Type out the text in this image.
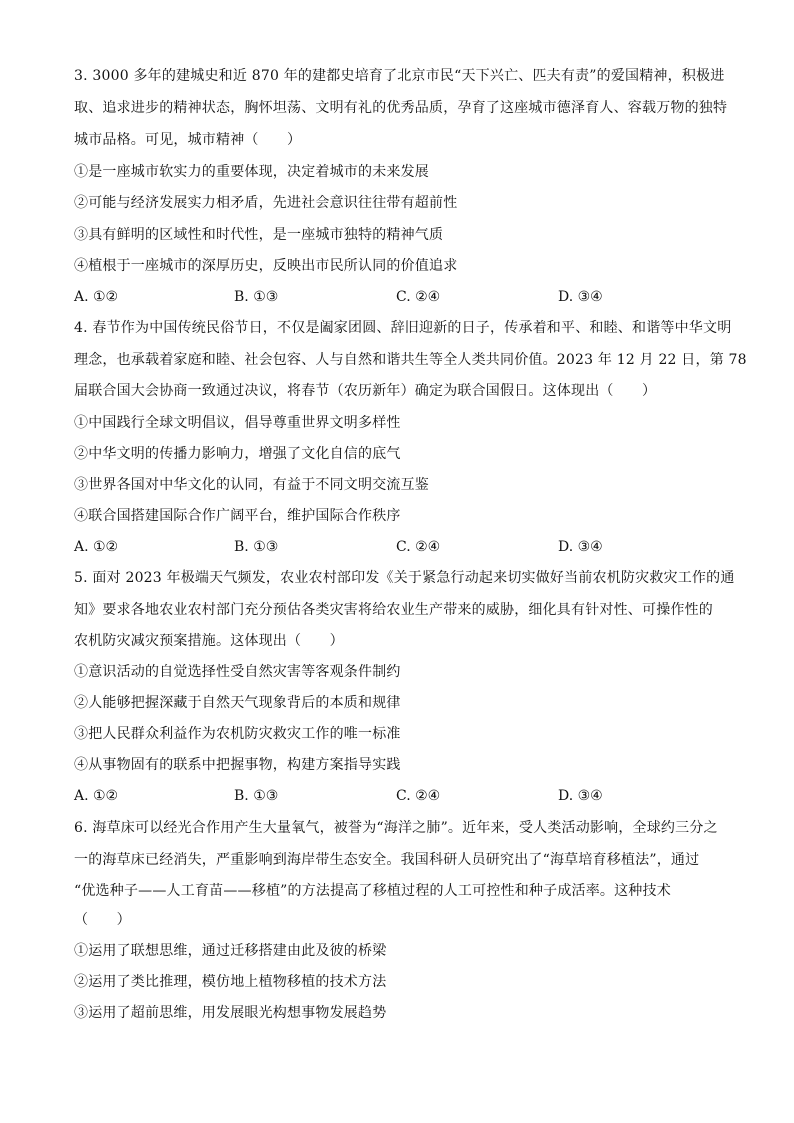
3. 3000 多年的建城史和近 870 年的建都史培育了北京市民“天下兴亡、匹夫有责”的爱国精神，积极进
取、追求进步的精神状态，胸怀坦荡、文明有礼的优秀品质，孕育了这座城市德泽育人、容载万物的独特
城市品格。可见，城市精神（　　）
①是一座城市软实力的重要体现，决定着城市的未来发展
②可能与经济发展实力相矛盾，先进社会意识往往带有超前性
③具有鲜明的区域性和时代性，是一座城市独特的精神气质
④植根于一座城市的深厚历史，反映出市民所认同的价值追求
A. ①②	B. ①③	C. ②④	D. ③④
4. 春节作为中国传统民俗节日，不仅是阖家团圆、辞旧迎新的日子，传承着和平、和睦、和谐等中华文明
理念，也承载着家庭和睦、社会包容、人与自然和谐共生等全人类共同价值。2023 年 12 月 22 日，第 78
届联合国大会协商一致通过决议，将春节（农历新年）确定为联合国假日。这体现出（　　）
①中国践行全球文明倡议，倡导尊重世界文明多样性
②中华文明的传播力影响力，增强了文化自信的底气
③世界各国对中华文化的认同，有益于不同文明交流互鉴
④联合国搭建国际合作广阔平台，维护国际合作秩序
A. ①②	B. ①③	C. ②④	D. ③④
5. 面对 2023 年极端天气频发，农业农村部印发《关于紧急行动起来切实做好当前农机防灾救灾工作的通
知》要求各地农业农村部门充分预估各类灾害将给农业生产带来的威胁，细化具有针对性、可操作性的
农机防灾减灾预案措施。这体现出（　　）
①意识活动的自觉选择性受自然灾害等客观条件制约
②人能够把握深藏于自然天气现象背后的本质和规律
③把人民群众利益作为农机防灾救灾工作的唯一标准
④从事物固有的联系中把握事物，构建方案指导实践
A. ①②	B. ①③	C. ②④	D. ③④
6. 海草床可以经光合作用产生大量氧气，被誉为“海洋之肺”。近年来，受人类活动影响，全球约三分之
一的海草床已经消失，严重影响到海岸带生态安全。我国科研人员研究出了“海草培育移植法”，通过
“优选种子——人工育苗——移植”的方法提高了移植过程的人工可控性和种子成活率。这种技术
（　　）
①运用了联想思维，通过迁移搭建由此及彼的桥梁
②运用了类比推理，模仿地上植物移植的技术方法
③运用了超前思维，用发展眼光构想事物发展趋势
